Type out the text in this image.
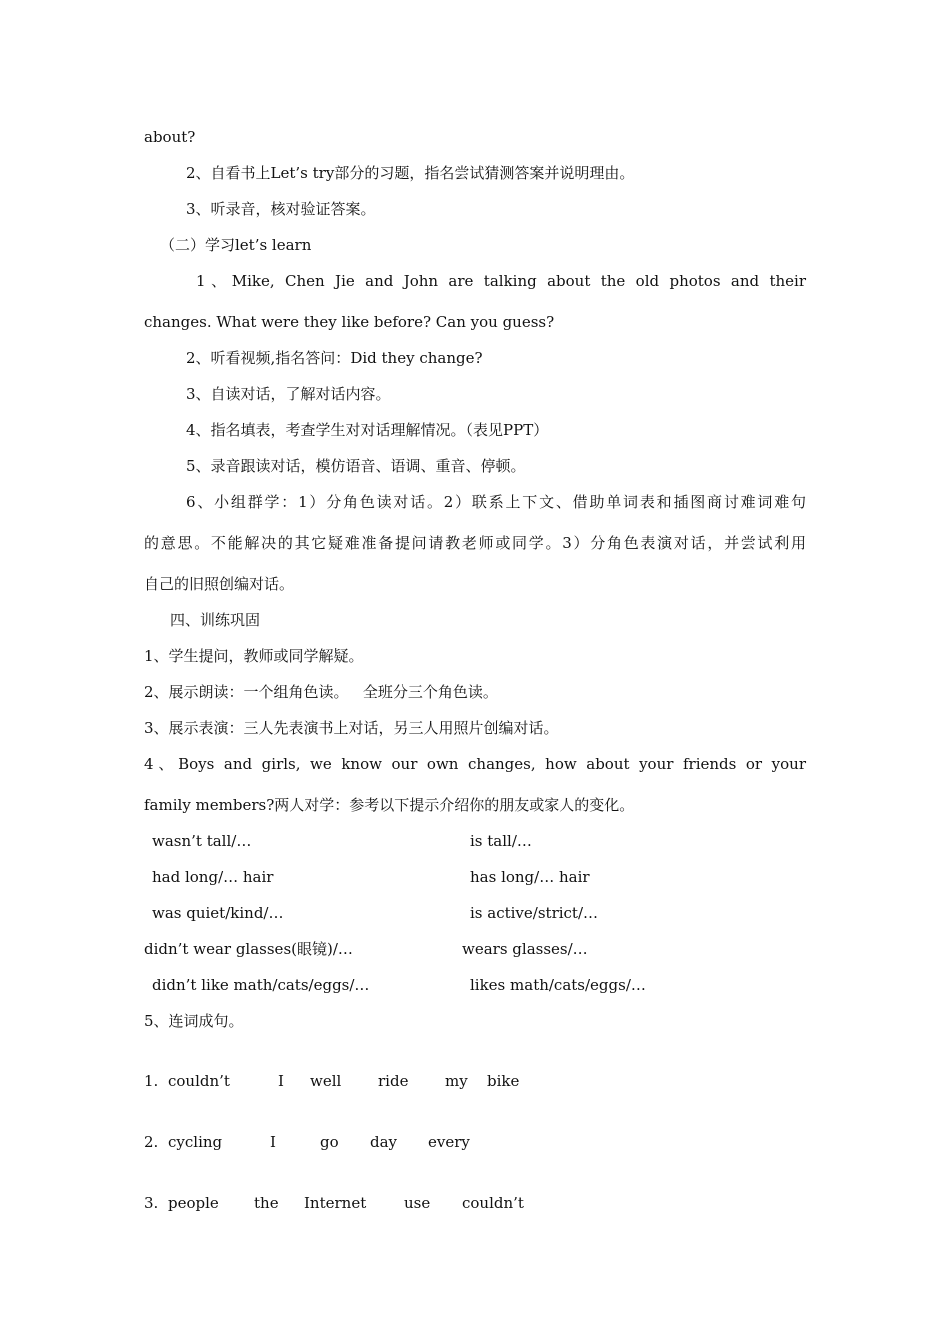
about?
2、自看书上Let’s try部分的习题，指名尝试猜测答案并说明理由。
3、听录音，核对验证答案。
（二）学习let’s learn
1、Mike, Chen Jie and John are talking about the old photos and their
changes. What were they like before? Can you guess?
2、听看视频,指名答问：Did they change?
3、自读对话，了解对话内容。
4、指名填表，考查学生对对话理解情况。（表见PPT）
5、录音跟读对话，模仿语音、语调、重音、停顿。
6、小组群学：1）分角色读对话。2）联系上下文、借助单词表和插图商讨难词难句
的意思。不能解决的其它疑难准备提问请教老师或同学。3）分角色表演对话，并尝试利用
自己的旧照创编对话。
四、训练巩固
1、学生提问，教师或同学解疑。
2、展示朗读：一个组角色读。   全班分三个角色读。
3、展示表演：三人先表演书上对话，另三人用照片创编对话。
4、Boys and girls, we know our own changes, how about your friends or your
family members?两人对学：参考以下提示介绍你的朋友或家人的变化。
wasn’t tall/…	is tall/…
had long/… hair	has long/… hair
was quiet/kind/…	is active/strict/…
didn’t wear glasses(眼镜)/…	wears glasses/…
didn’t like math/cats/eggs/…	likes math/cats/eggs/…
5、连词成句。
1. couldn’t	I well ride my bike
2. cycling	I	go day every
3. people the Internet	use couldn’t
